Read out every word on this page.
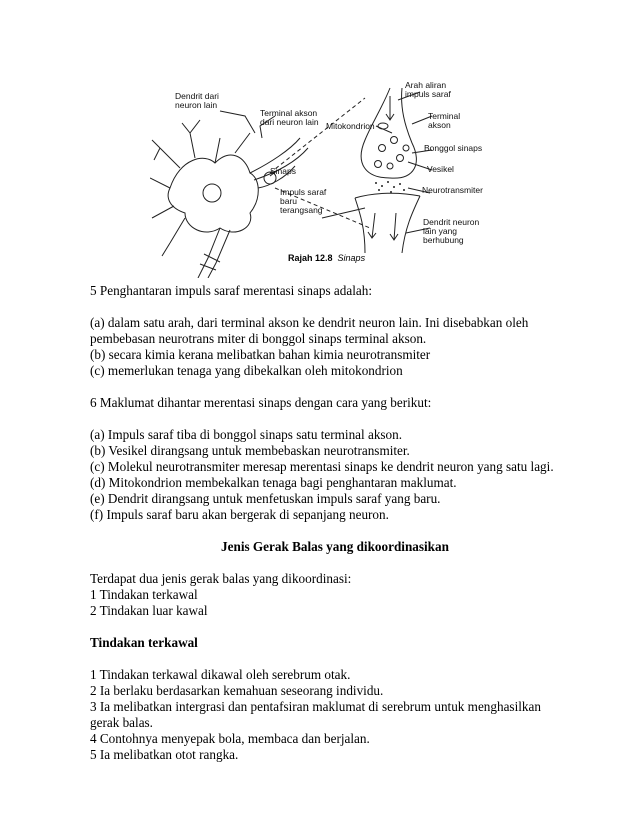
Dendrit dari
neuron lain
Terminal akson
dari neuron lain
Arah aliran
impuls saraf
Mitokondrion
Terminal
akson
Bonggol sinaps
Vesikel
Sinaps
Neurotransmiter
Impuls saraf
baru
terangsang
Dendrit neuron
lain yang
berhubung
Rajah 12.8 Sinaps
5 Penghantaran impuls saraf merentasi sinaps adalah:
(a) dalam satu arah, dari terminal akson ke dendrit neuron lain. Ini disebabkan oleh
pembebasan neurotrans miter di bonggol sinaps terminal akson.
(b) secara kimia kerana melibatkan bahan kimia neurotransmiter
(c) memerlukan tenaga yang dibekalkan oleh mitokondrion
6 Maklumat dihantar merentasi sinaps dengan cara yang berikut:
(a) Impuls saraf tiba di bonggol sinaps satu terminal akson.
(b) Vesikel dirangsang untuk membebaskan neurotransmiter.
(c) Molekul neurotransmiter meresap merentasi sinaps ke dendrit neuron yang satu lagi.
(d) Mitokondrion membekalkan tenaga bagi penghantaran maklumat.
(e) Dendrit dirangsang untuk menfetuskan impuls saraf yang baru.
(f) Impuls saraf baru akan bergerak di sepanjang neuron.
Jenis Gerak Balas yang dikoordinasikan
Terdapat dua jenis gerak balas yang dikoordinasi:
1 Tindakan terkawal
2 Tindakan luar kawal
Tindakan terkawal
1 Tindakan terkawal dikawal oleh serebrum otak.
2 Ia berlaku berdasarkan kemahuan seseorang individu.
3 Ia melibatkan intergrasi dan pentafsiran maklumat di serebrum untuk menghasilkan
gerak balas.
4 Contohnya menyepak bola, membaca dan berjalan.
5 Ia melibatkan otot rangka.
